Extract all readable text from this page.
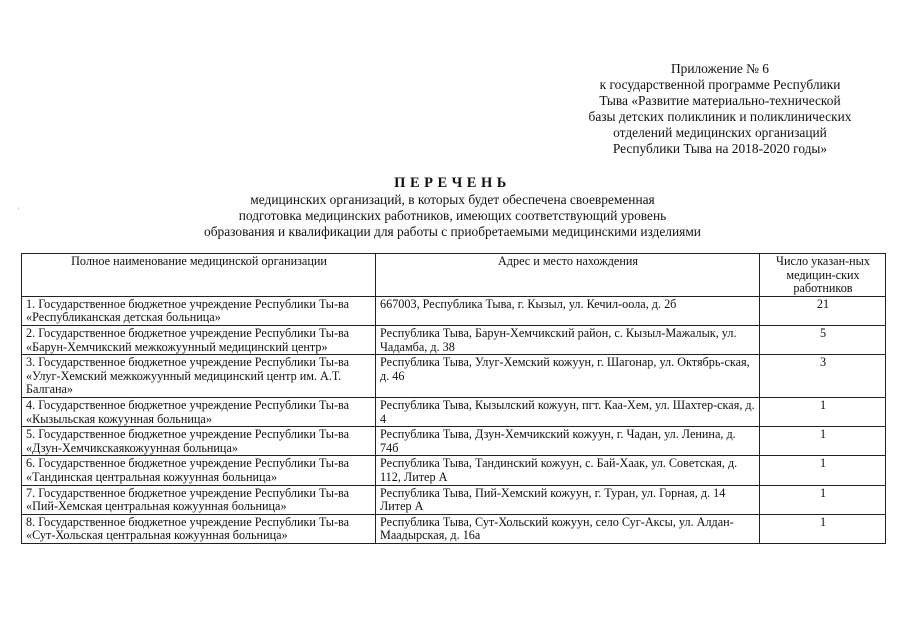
'
Приложение № 6
к государственной программе Республики
Тыва «Развитие материально-технической
базы детских поликлиник и поликлинических
отделений медицинских организаций
Республики Тыва на 2018-2020 годы»
ПЕРЕЧЕНЬ
медицинских организаций, в которых будет обеспечена своевременная
подготовка медицинских работников, имеющих соответствующий уровень
образования и квалификации для работы с приобретаемыми медицинскими изделиями
Полное наименование медицинской организации	Адрес и место нахождения	Число указан-ных медицин-ских работников
1. Государственное бюджетное учреждение Республики Ты-ва «Республиканская детская больница»	667003, Республика Тыва, г. Кызыл, ул. Кечил-оола, д. 2б	21
2. Государственное бюджетное учреждение Республики Ты-ва «Барун-Хемчикский межкожуунный медицинский центр»	Республика Тыва, Барун-Хемчикский район, с. Кызыл-Мажалык, ул. Чадамба, д. 38	5
3. Государственное бюджетное учреждение Республики Ты-ва «Улуг-Хемский межкожуунный медицинский центр им. А.Т. Балгана»	Республика Тыва, Улуг-Хемский кожуун, г. Шагонар, ул. Октябрь-ская, д. 46	3
4. Государственное бюджетное учреждение Республики Ты-ва «Кызыльская кожуунная больница»	Республика Тыва, Кызылский кожуун, пгт. Каа-Хем, ул. Шахтер-ская, д. 4	1
5. Государственное бюджетное учреждение Республики Ты-ва «Дзун-Хемчикскаякожуунная больница»	Республика Тыва, Дзун-Хемчикский кожуун, г. Чадан, ул. Ленина, д. 74б	1
6. Государственное бюджетное учреждение Республики Ты-ва «Тандинская центральная кожуунная больница»	Республика Тыва, Тандинский кожуун, с. Бай-Хаак, ул. Советская, д. 112, Литер А	1
7. Государственное бюджетное учреждение Республики Ты-ва «Пий-Хемская центральная кожуунная больница»	Республика Тыва, Пий-Хемский кожуун, г. Туран, ул. Горная, д. 14 Литер А	1
8. Государственное бюджетное учреждение Республики Ты-ва «Сут-Хольская центральная кожуунная больница»	Республика Тыва, Сут-Хольский кожуун, село Суг-Аксы, ул. Алдан-Маадырская, д. 16а	1
